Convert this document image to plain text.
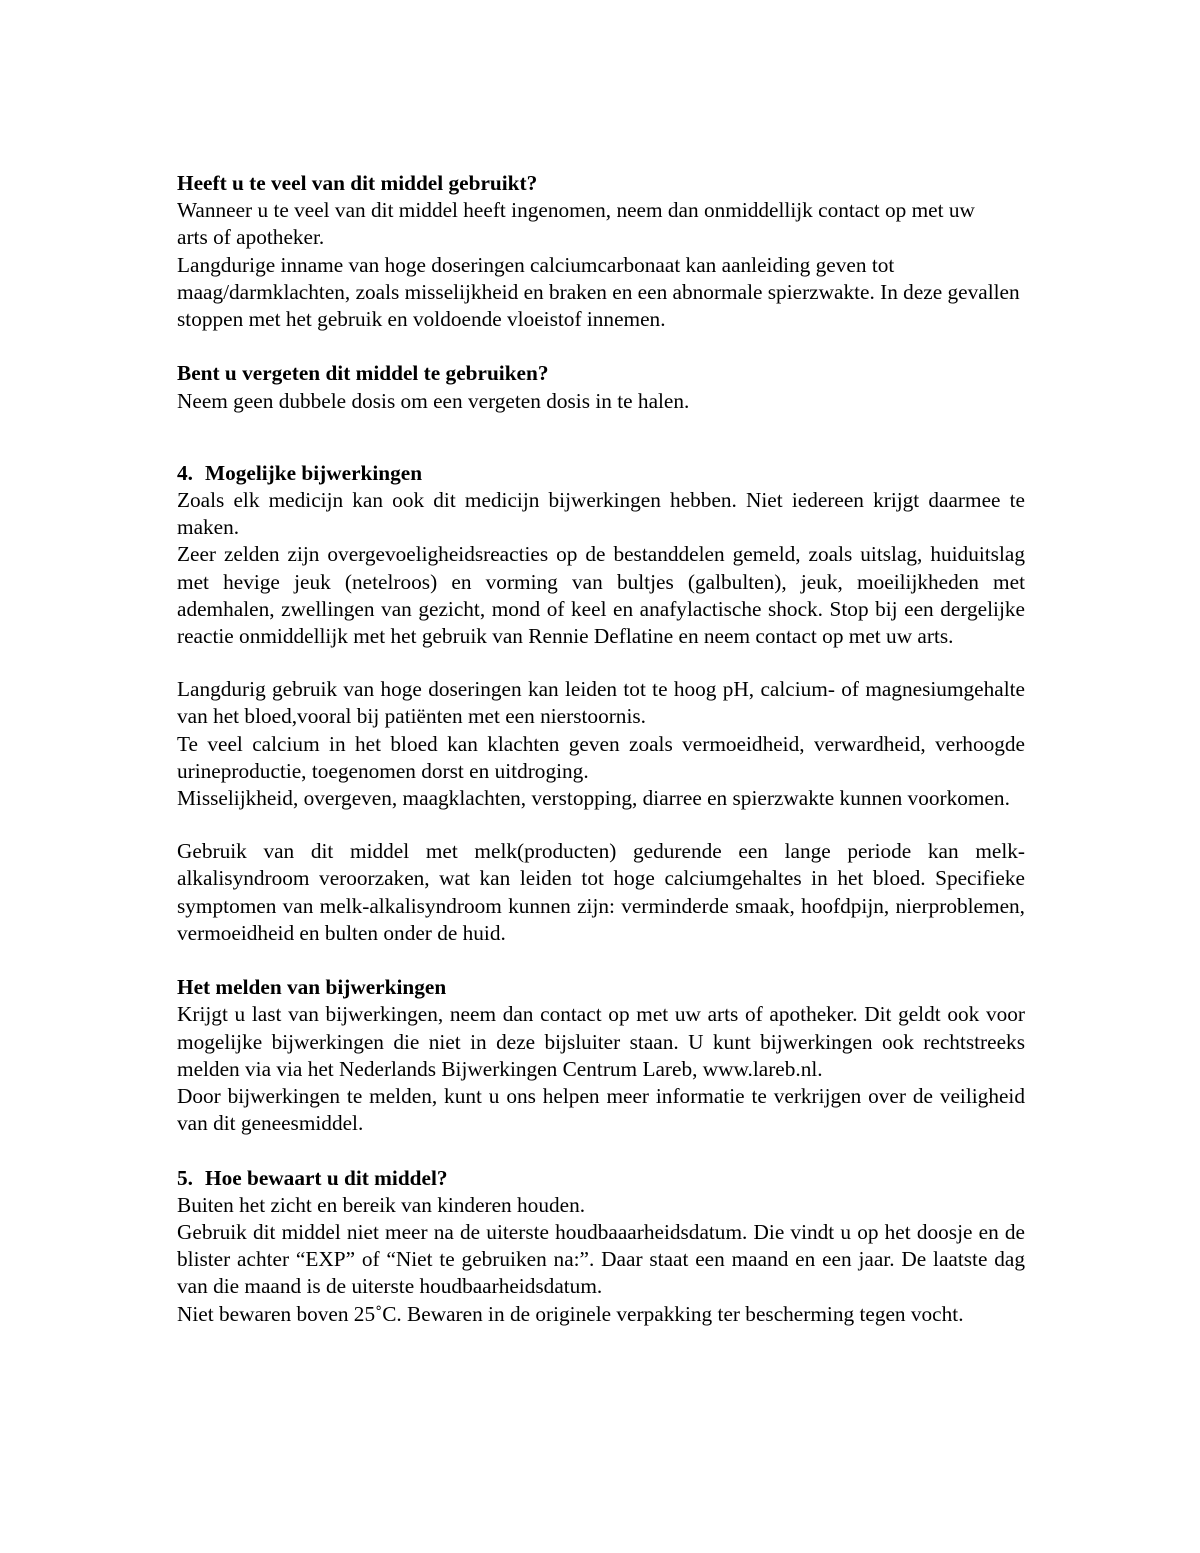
Heeft u te veel van dit middel gebruikt?

Wanneer u te veel van dit middel heeft ingenomen, neem dan onmiddellijk contact op met uw arts of apotheker.

Langdurige inname van hoge doseringen calciumcarbonaat kan aanleiding geven tot maag/darmklachten, zoals misselijkheid en braken en een abnormale spierzwakte. In deze gevallen stoppen met het gebruik en voldoende vloeistof innemen.

Bent u vergeten dit middel te gebruiken?

Neem geen dubbele dosis om een vergeten dosis in te halen.

4. Mogelijke bijwerkingen

Zoals elk medicijn kan ook dit medicijn bijwerkingen hebben. Niet iedereen krijgt daarmee te maken.

Zeer zelden zijn overgevoeligheidsreacties op de bestanddelen gemeld, zoals uitslag, huiduitslag met hevige jeuk (netelroos) en vorming van bultjes (galbulten), jeuk, moeilijkheden met ademhalen, zwellingen van gezicht, mond of keel en anafylactische shock. Stop bij een dergelijke reactie onmiddellijk met het gebruik van Rennie Deflatine en neem contact op met uw arts.

Langdurig gebruik van hoge doseringen kan leiden tot te hoog pH, calcium- of magnesiumgehalte van het bloed,vooral bij patiënten met een nierstoornis.

Te veel calcium in het bloed kan klachten geven zoals vermoeidheid, verwardheid, verhoogde urineproductie, toegenomen dorst en uitdroging.

Misselijkheid, overgeven, maagklachten, verstopping, diarree en spierzwakte kunnen voorkomen.

Gebruik van dit middel met melk(producten) gedurende een lange periode kan melk-alkalisyndroom veroorzaken, wat kan leiden tot hoge calciumgehaltes in het bloed. Specifieke symptomen van melk-alkalisyndroom kunnen zijn: verminderde smaak, hoofdpijn, nierproblemen, vermoeidheid en bulten onder de huid.

Het melden van bijwerkingen

Krijgt u last van bijwerkingen, neem dan contact op met uw arts of apotheker. Dit geldt ook voor mogelijke bijwerkingen die niet in deze bijsluiter staan. U kunt bijwerkingen ook rechtstreeks melden via via het Nederlands Bijwerkingen Centrum Lareb, www.lareb.nl.

Door bijwerkingen te melden, kunt u ons helpen meer informatie te verkrijgen over de veiligheid van dit geneesmiddel.

5. Hoe bewaart u dit middel?

Buiten het zicht en bereik van kinderen houden.

Gebruik dit middel niet meer na de uiterste houdbaaarheidsdatum. Die vindt u op het doosje en de blister achter “EXP” of “Niet te gebruiken na:”. Daar staat een maand en een jaar. De laatste dag van die maand is de uiterste houdbaarheidsdatum.

Niet bewaren boven 25˚C. Bewaren in de originele verpakking ter bescherming tegen vocht.
